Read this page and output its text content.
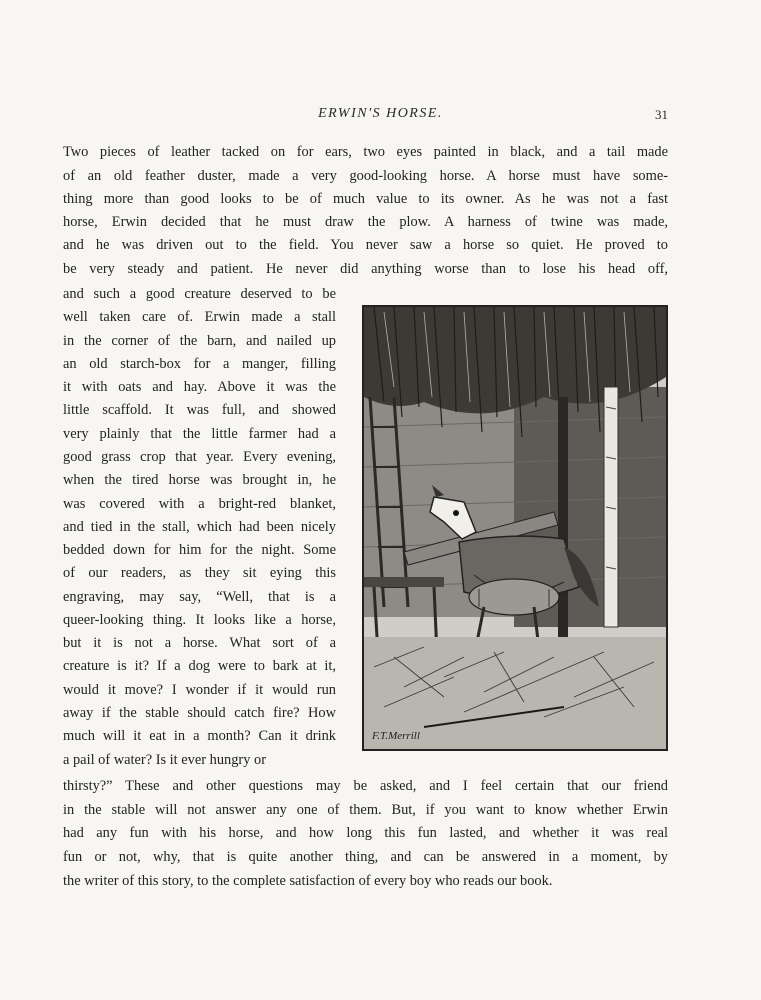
ERWIN'S HORSE.	31
Two pieces of leather tacked on for ears, two eyes painted in black, and a tail made
of an old feather duster, made a very good-looking horse. A horse must have some-
thing more than good looks to be of much value to its owner. As he was not a fast
horse, Erwin decided that he must draw the plow. A harness of twine was made,
and he was driven out to the field. You never saw a horse so quiet. He proved to
be very steady and patient. He never did anything worse than to lose his head off,
and such a good creature deserved to be
well taken care of. Erwin made a stall
in the corner of the barn, and nailed up
an old starch-box for a manger, filling
it with oats and hay. Above it was the
little scaffold. It was full, and showed
very plainly that the little farmer had a
good grass crop that year. Every evening,
when the tired horse was brought in, he
was covered with a bright-red blanket,
and tied in the stall, which had been nicely
bedded down for him for the night. Some
of our readers, as they sit eying this
engraving, may say, “Well, that is a
queer-looking thing. It looks like a horse,
but it is not a horse. What sort of a
creature is it? If a dog were to bark at it,
would it move? I wonder if it would run
away if the stable should catch fire? How
much will it eat in a month? Can it drink
a pail of water? Is it ever hungry or
thirsty?” These and other questions may be asked, and I feel certain that our friend
in the stable will not answer any one of them. But, if you want to know whether Erwin
had any fun with his horse, and how long this fun lasted, and whether it was real
fun or not, why, that is quite another thing, and can be answered in a moment, by
the writer of this story, to the complete satisfaction of every boy who reads our book.
F.T.Merrill
